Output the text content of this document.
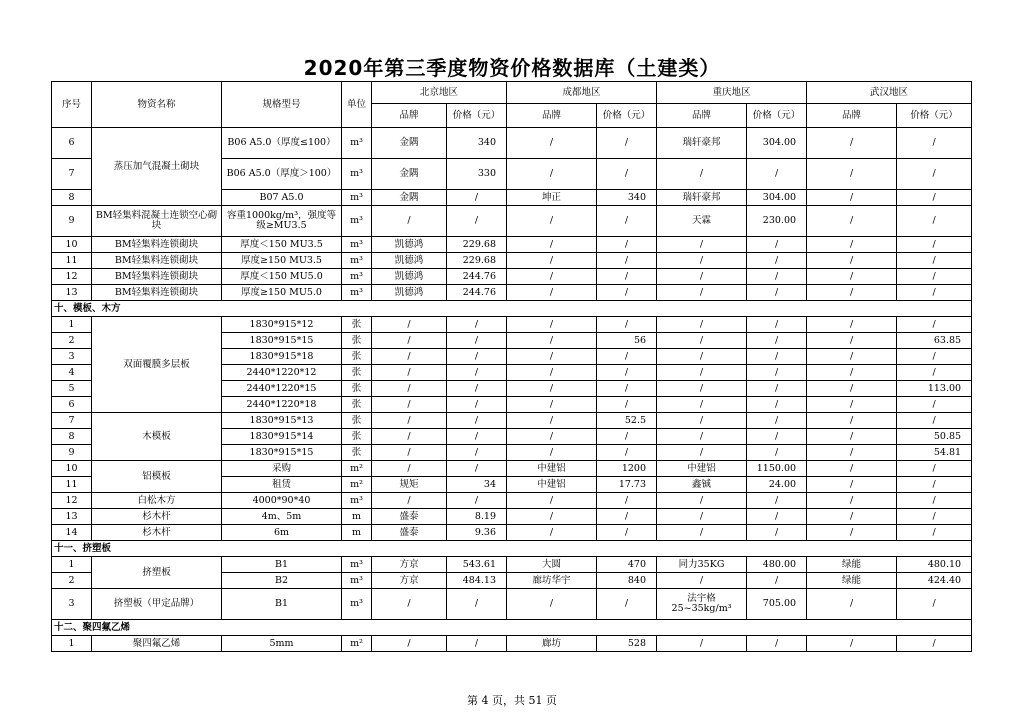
2020年第三季度物资价格数据库（土建类）
序号	物资名称	规格型号	单位	北京地区		成都地区		重庆地区		武汉地区	
				品牌	价格（元）	品牌	价格（元）	品牌	价格（元）	品牌	价格（元）
6	蒸压加气混凝土砌块	B06 A5.0（厚度≤100）	m³	金隅	340	/	/	瑞轩豪邦	304.00	/	/
7		B06 A5.0（厚度＞100）	m³	金隅	330	/	/	/	/	/	/
8		B07 A5.0	m³	金隅	/	坤正	340	瑞轩豪邦	304.00	/	/
9	BM轻集料混凝土连锁空心砌块	容重1000kg/m³，强度等级≥MU3.5	m³	/	/	/	/	天霖	230.00	/	/
10	BM轻集料连锁砌块	厚度＜150 MU3.5	m³	凯德鸿	229.68	/	/	/	/	/	/
11	BM轻集料连锁砌块	厚度≥150 MU3.5	m³	凯德鸿	229.68	/	/	/	/	/	/
12	BM轻集料连锁砌块	厚度＜150 MU5.0	m³	凯德鸿	244.76	/	/	/	/	/	/
13	BM轻集料连锁砌块	厚度≥150 MU5.0	m³	凯德鸿	244.76	/	/	/	/	/	/
十、模板、木方											
1	双面覆膜多层板	1830*915*12	张	/	/	/	/	/	/	/	/
2		1830*915*15	张	/	/	/	56	/	/	/	63.85
3		1830*915*18	张	/	/	/	/	/	/	/	/
4		2440*1220*12	张	/	/	/	/	/	/	/	/
5		2440*1220*15	张	/	/	/	/	/	/	/	113.00
6		2440*1220*18	张	/	/	/	/	/	/	/	/
7	木模板	1830*915*13	张	/	/	/	52.5	/	/	/	/
8		1830*915*14	张	/	/	/	/	/	/	/	50.85
9		1830*915*15	张	/	/	/	/	/	/	/	54.81
10	铝模板	采购	m²	/	/	中建铝	1200	中建铝	1150.00	/	/
11		租赁	m²	规矩	34	中建铝	17.73	鑫铖	24.00	/	/
12	白松木方	4000*90*40	m³	/	/	/	/	/	/	/	/
13	杉木杆	4m、5m	m	盛泰	8.19	/	/	/	/	/	/
14	杉木杆	6m	m	盛泰	9.36	/	/	/	/	/	/
十一、挤塑板											
1	挤塑板	B1	m³	方京	543.61	大圆	470	同力35KG	480.00	绿能	480.10
2		B2	m³	方京	484.13	廊坊华宇	840	/	/	绿能	424.40
3	挤塑板（甲定品牌）	B1	m³	/	/	/	/	法宇格25~35kg/m³	705.00	/	/
十二、聚四氟乙烯											
1	聚四氟乙烯	5mm	m²	/	/	廊坊	528	/	/	/	/
第 4 页，共 51 页
